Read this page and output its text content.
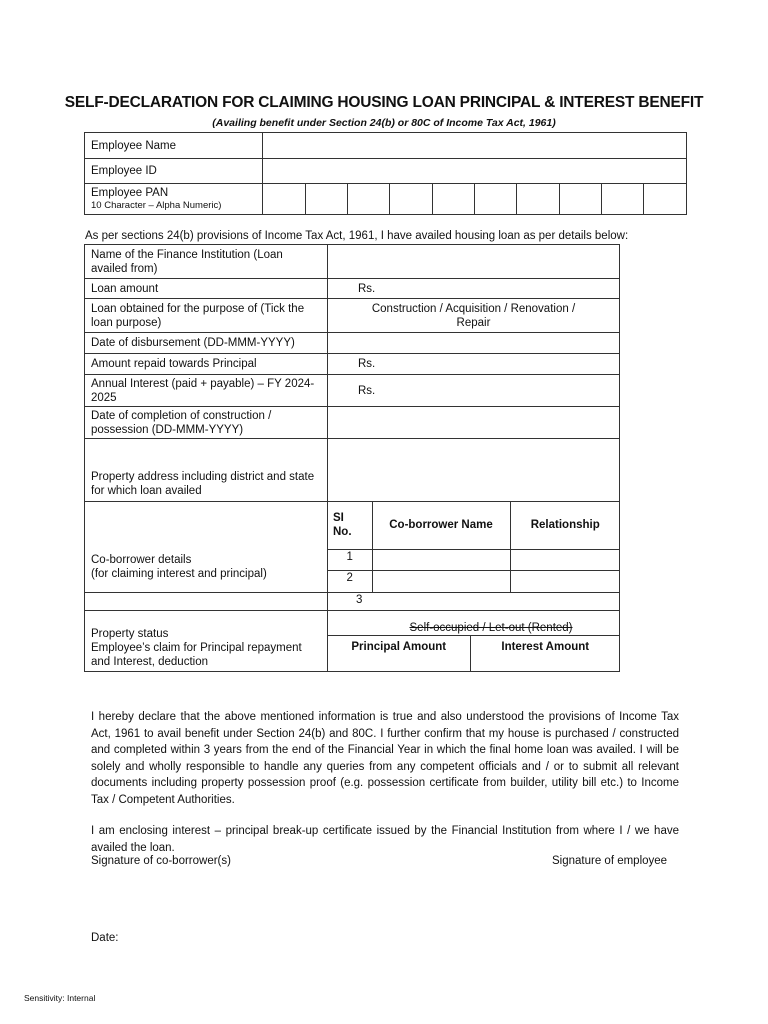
SELF-DECLARATION FOR CLAIMING HOUSING LOAN PRINCIPAL & INTEREST BENEFIT
(Availing benefit under Section 24(b) or 80C of Income Tax Act, 1961)
Employee Name	
Employee ID	
Employee PAN
10 Character – Alpha Numeric)

As per sections 24(b) provisions of Income Tax Act, 1961, I have availed housing loan as per details below:
Name of the Finance Institution (Loan availed from)	
Loan amount	Rs.
Loan obtained for the purpose of (Tick the loan purpose)	Construction / Acquisition / Renovation / Repair
Date of disbursement (DD-MMM-YYYY)	
Amount repaid towards Principal	Rs.
Annual Interest (paid + payable) – FY 2024-2025	Rs.
Date of completion of construction / possession (DD-MMM-YYYY)	
Property address including district and state for which loan availed	

Co-borrower details
(for claiming interest and principal)

SI No.	Co-borrower Name	Relationship
1		
2		

	3

Property status
Employee’s claim for Principal repayment and Interest, deduction

Self-occupied / Let-out (Rented)
Principal Amount	Interest Amount
I hereby declare that the above mentioned information is true and also understood the provisions of Income Tax Act, 1961 to avail benefit under Section 24(b) and 80C. I further confirm that my house is purchased / constructed and completed within 3 years from the end of the Financial Year in which the final home loan was availed. I will be solely and wholly responsible to handle any queries from any competent officials and / or to submit all relevant documents including property possession proof (e.g. possession certificate from builder, utility bill etc.) to Income Tax / Competent Authorities.
I am enclosing interest – principal break-up certificate issued by the Financial Institution from where I / we have availed the loan.
Signature of co-borrower(s)	Signature of employee
Date:
Sensitivity: Internal
